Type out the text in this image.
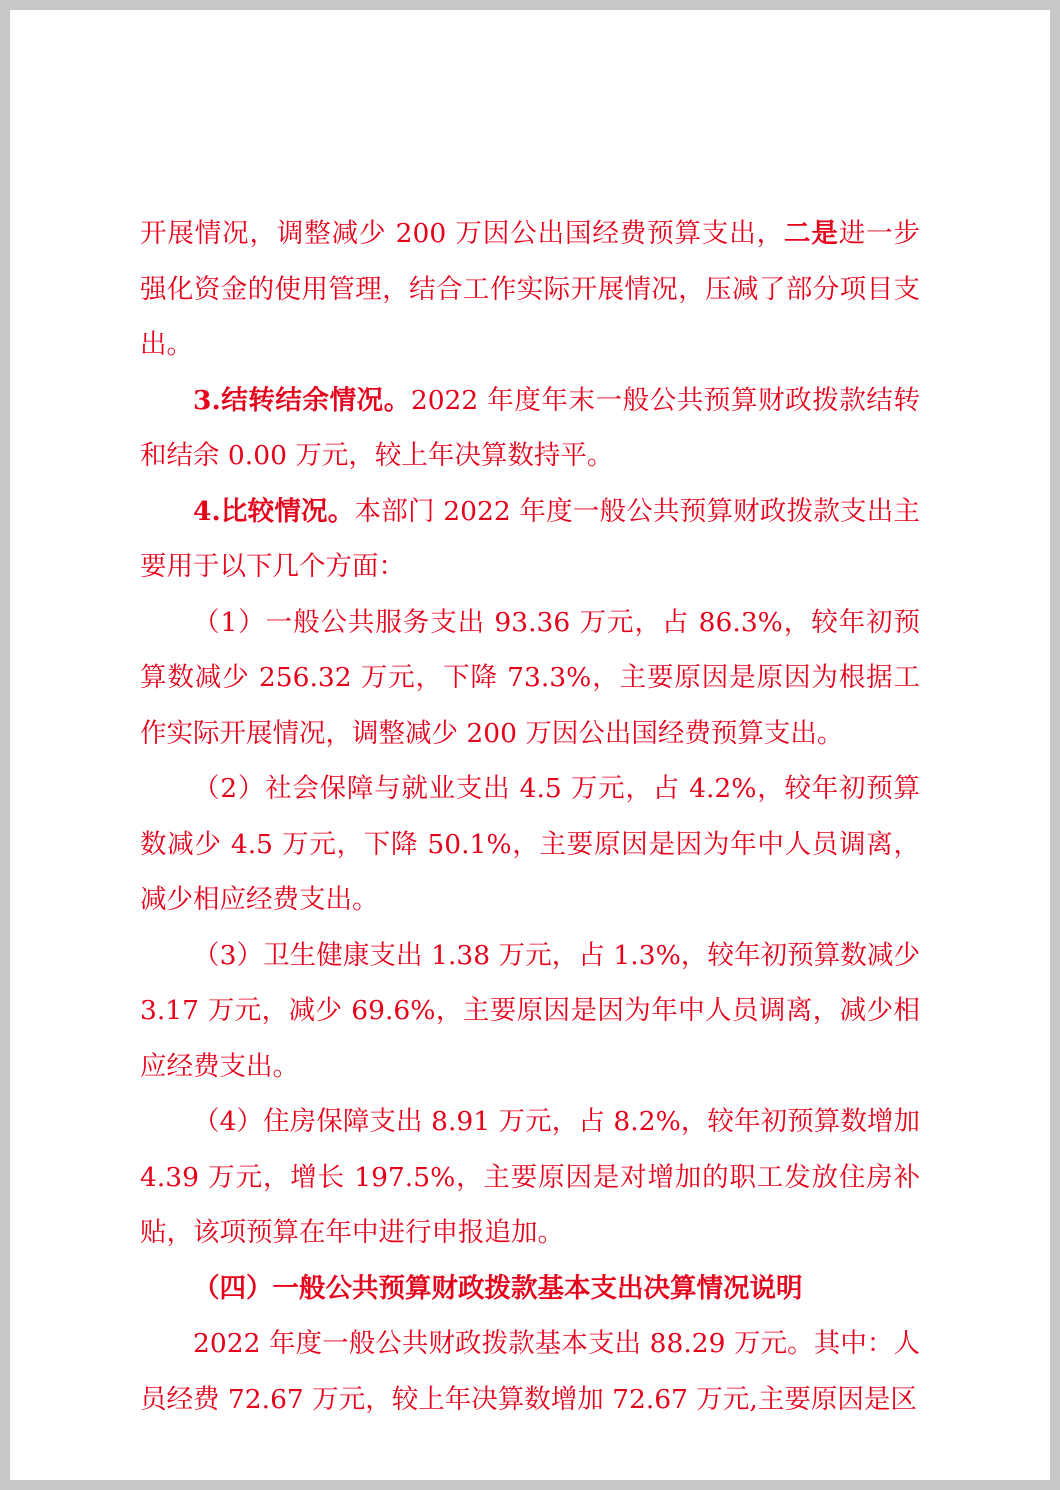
开展情况，调整减少 200 万因公出国经费预算支出，二是进一步强化资金的使用管理，结合工作实际开展情况，压减了部分项目支出。

3.结转结余情况。2022 年度年末一般公共预算财政拨款结转和结余 0.00 万元，较上年决算数持平。

4.比较情况。本部门 2022 年度一般公共预算财政拨款支出主要用于以下几个方面：

（1）一般公共服务支出 93.36 万元，占 86.3%，较年初预算数减少 256.32 万元，下降 73.3%，主要原因是原因为根据工作实际开展情况，调整减少 200 万因公出国经费预算支出。

（2）社会保障与就业支出 4.5 万元，占 4.2%，较年初预算数减少 4.5 万元，下降 50.1%，主要原因是因为年中人员调离，减少相应经费支出。

（3）卫生健康支出 1.38 万元，占 1.3%，较年初预算数减少 3.17 万元，减少 69.6%，主要原因是因为年中人员调离，减少相应经费支出。

（4）住房保障支出 8.91 万元，占 8.2%，较年初预算数增加 4.39 万元，增长 197.5%，主要原因是对增加的职工发放住房补贴，该项预算在年中进行申报追加。

（四）一般公共预算财政拨款基本支出决算情况说明

2022 年度一般公共财政拨款基本支出 88.29 万元。其中：人员经费 72.67 万元，较上年决算数增加 72.67 万元,主要原因是区
